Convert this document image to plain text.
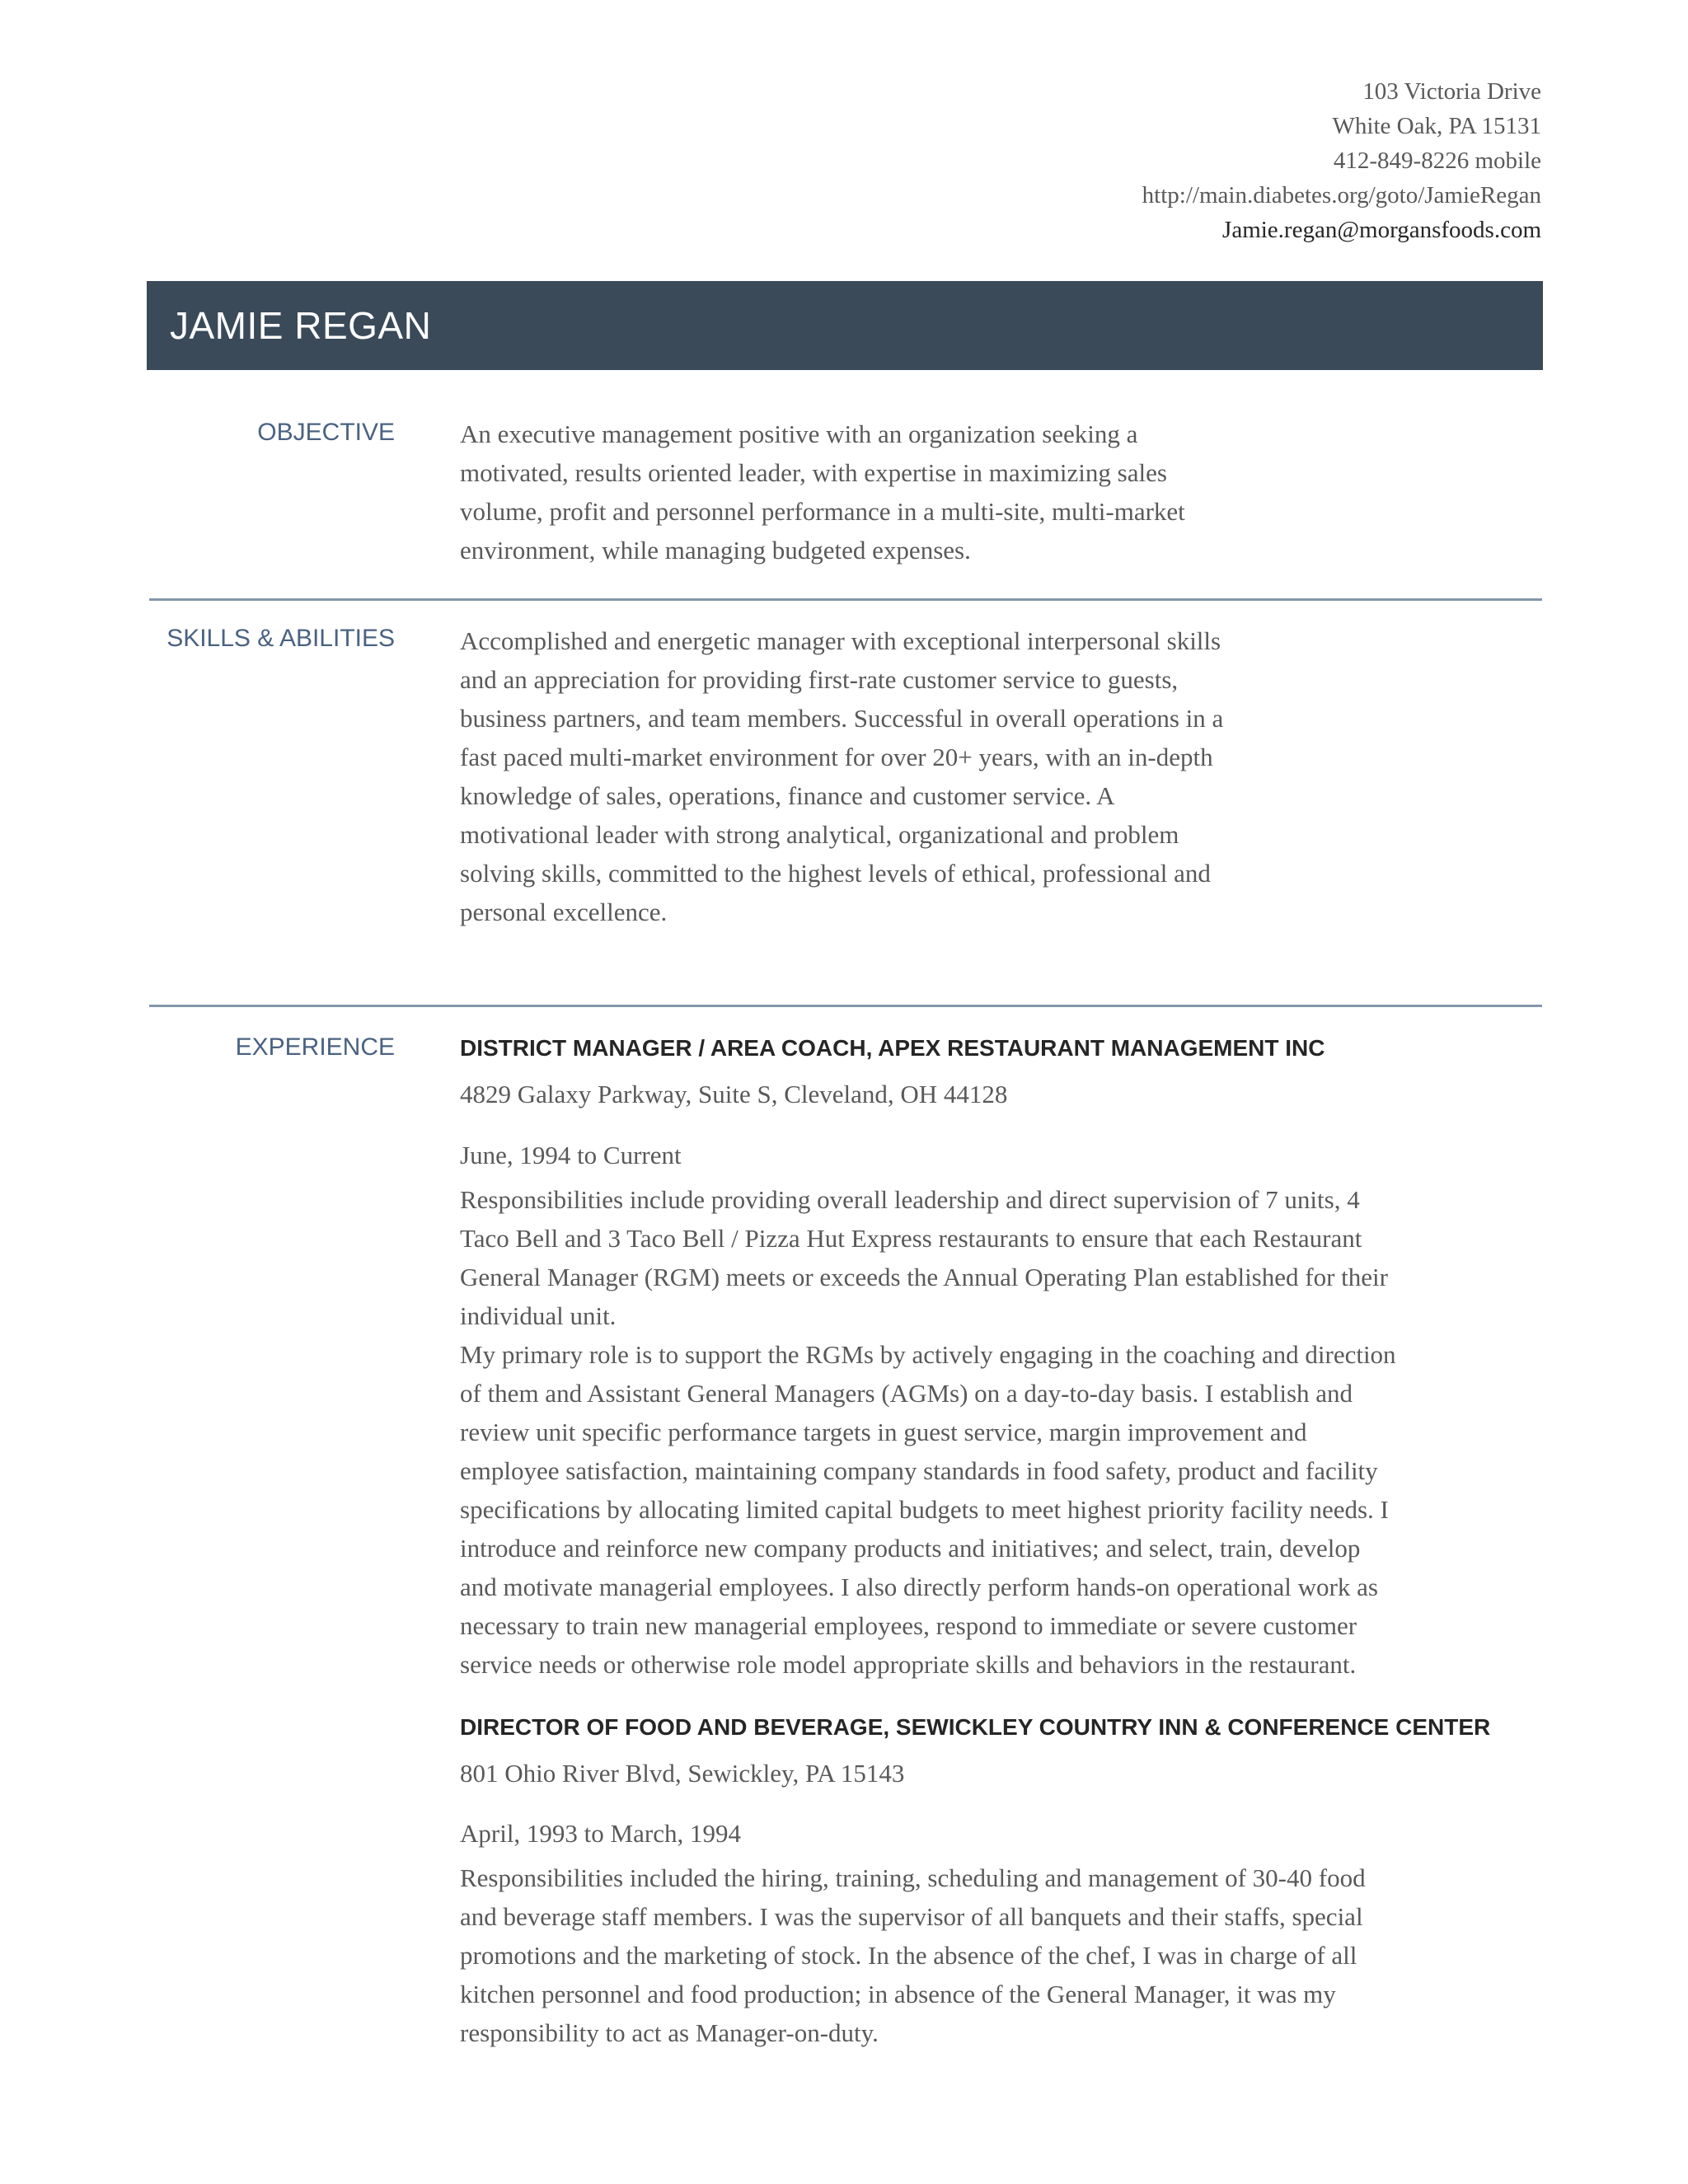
103 Victoria Drive
White Oak, PA 15131
412-849-8226 mobile
http://main.diabetes.org/goto/JamieRegan
Jamie.regan@morgansfoods.com
JAMIE REGAN
OBJECTIVE	An executive management positive with an organization seeking a
motivated, results oriented leader, with expertise in maximizing sales
volume, profit and personnel performance in a multi-site, multi-market
environment, while managing budgeted expenses.
SKILLS & ABILITIES	Accomplished and energetic manager with exceptional interpersonal skills
and an appreciation for providing first-rate customer service to guests,
business partners, and team members. Successful in overall operations in a
fast paced multi-market environment for over 20+ years, with an in-depth
knowledge of sales, operations, finance and customer service. A
motivational leader with strong analytical, organizational and problem
solving skills, committed to the highest levels of ethical, professional and
personal excellence.
EXPERIENCE	DISTRICT MANAGER / AREA COACH, APEX RESTAURANT MANAGEMENT INC
4829 Galaxy Parkway, Suite S, Cleveland, OH 44128
June, 1994 to Current
Responsibilities include providing overall leadership and direct supervision of 7 units, 4
Taco Bell and 3 Taco Bell / Pizza Hut Express restaurants to ensure that each Restaurant
General Manager (RGM) meets or exceeds the Annual Operating Plan established for their
individual unit.
My primary role is to support the RGMs by actively engaging in the coaching and direction
of them and Assistant General Managers (AGMs) on a day-to-day basis. I establish and
review unit specific performance targets in guest service, margin improvement and
employee satisfaction, maintaining company standards in food safety, product and facility
specifications by allocating limited capital budgets to meet highest priority facility needs. I
introduce and reinforce new company products and initiatives; and select, train, develop
and motivate managerial employees. I also directly perform hands-on operational work as
necessary to train new managerial employees, respond to immediate or severe customer
service needs or otherwise role model appropriate skills and behaviors in the restaurant.
DIRECTOR OF FOOD AND BEVERAGE, SEWICKLEY COUNTRY INN & CONFERENCE CENTER
801 Ohio River Blvd, Sewickley, PA 15143
April, 1993 to March, 1994
Responsibilities included the hiring, training, scheduling and management of 30-40 food
and beverage staff members. I was the supervisor of all banquets and their staffs, special
promotions and the marketing of stock. In the absence of the chef, I was in charge of all
kitchen personnel and food production; in absence of the General Manager, it was my
responsibility to act as Manager-on-duty.
